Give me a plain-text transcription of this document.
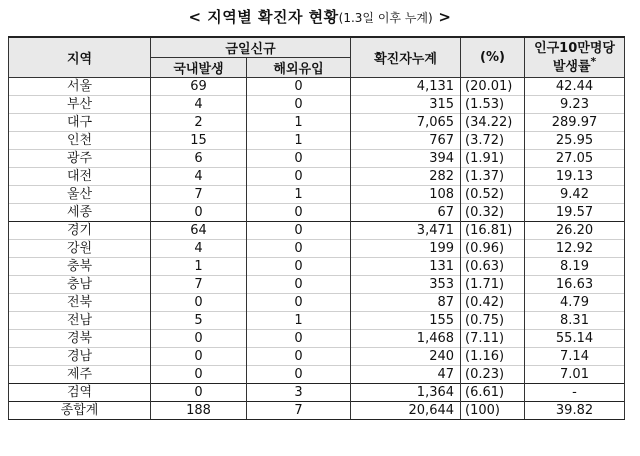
< 지역별 확진자 현황(1.3일 이후 누계) >
지역	금일신규		확진자누계	(%)	인구10만명당
발생률*
	국내발생	해외유입			
서울	69	0	4,131	(20.01)	42.44
부산	4	0	315	(1.53)	9.23
대구	2	1	7,065	(34.22)	289.97
인천	15	1	767	(3.72)	25.95
광주	6	0	394	(1.91)	27.05
대전	4	0	282	(1.37)	19.13
울산	7	1	108	(0.52)	9.42
세종	0	0	67	(0.32)	19.57
경기	64	0	3,471	(16.81)	26.20
강원	4	0	199	(0.96)	12.92
충북	1	0	131	(0.63)	8.19
충남	7	0	353	(1.71)	16.63
전북	0	0	87	(0.42)	4.79
전남	5	1	155	(0.75)	8.31
경북	0	0	1,468	(7.11)	55.14
경남	0	0	240	(1.16)	7.14
제주	0	0	47	(0.23)	7.01
검역	0	3	1,364	(6.61)	-
종합계	188	7	20,644	(100)	39.82
